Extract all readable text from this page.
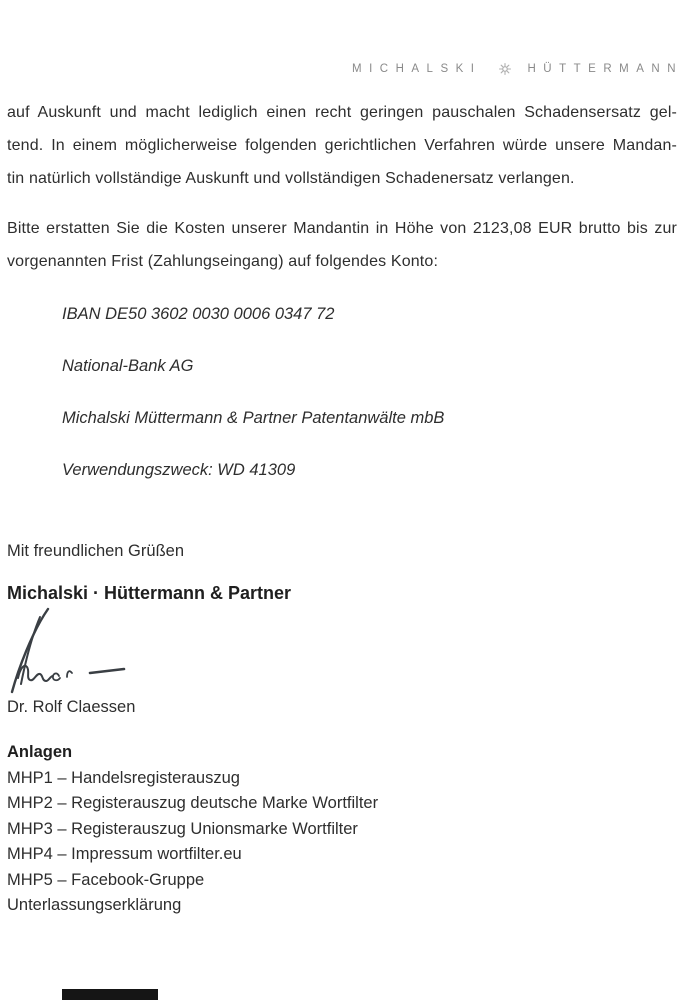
MICHALSKI	HÜTTERMANN
auf Auskunft und macht lediglich einen recht geringen pauschalen Schadensersatz gel-
tend. In einem möglicherweise folgenden gerichtlichen Verfahren würde unsere Mandan-
tin natürlich vollständige Auskunft und vollständigen Schadenersatz verlangen.
Bitte erstatten Sie die Kosten unserer Mandantin in Höhe von 2123,08 EUR brutto bis zur
vorgenannten Frist (Zahlungseingang) auf folgendes Konto:
IBAN DE50 3602 0030 0006 0347 72
National-Bank AG
Michalski Müttermann & Partner Patentanwälte mbB
Verwendungszweck: WD 41309
Mit freundlichen Grüßen
Michalski · Hüttermann & Partner
Dr. Rolf Claessen
Anlagen
MHP1 – Handelsregisterauszug
MHP2 – Registerauszug deutsche Marke Wortfilter
MHP3 – Registerauszug Unionsmarke Wortfilter
MHP4 – Impressum wortfilter.eu
MHP5 – Facebook-Gruppe
Unterlassungserklärung
